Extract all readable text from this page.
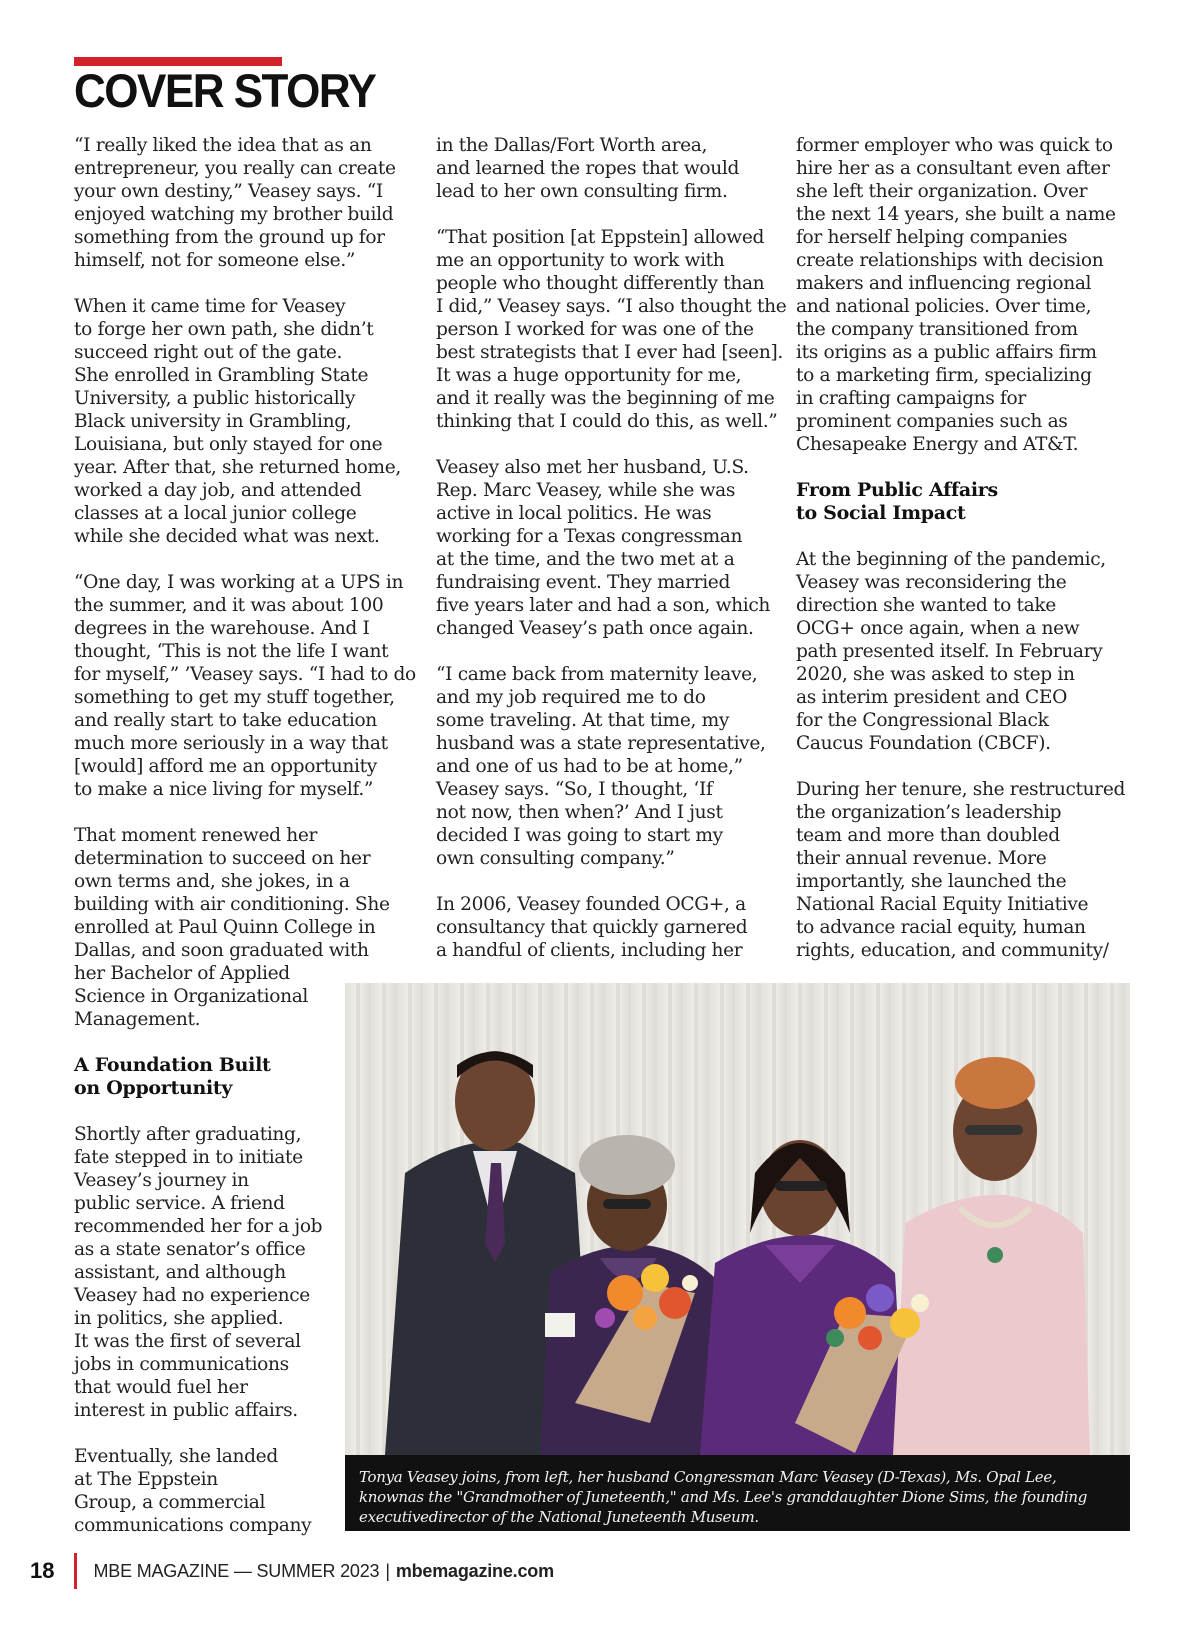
COVER STORY

“I really liked the idea that as an
entrepreneur, you really can create
your own destiny,” Veasey says. “I
enjoyed watching my brother build
something from the ground up for
himself, not for someone else.”

When it came time for Veasey
to forge her own path, she didn’t
succeed right out of the gate.
She enrolled in Grambling State
University, a public historically
Black university in Grambling,
Louisiana, but only stayed for one
year. After that, she returned home,
worked a day job, and attended
classes at a local junior college
while she decided what was next.

“One day, I was working at a UPS in
the summer, and it was about 100
degrees in the warehouse. And I
thought, ‘This is not the life I want
for myself,” ’Veasey says. “I had to do
something to get my stuff together,
and really start to take education
much more seriously in a way that
[would] afford me an opportunity
to make a nice living for myself.”

That moment renewed her
determination to succeed on her
own terms and, she jokes, in a
building with air conditioning. She
enrolled at Paul Quinn College in
Dallas, and soon graduated with
her Bachelor of Applied
Science in Organizational
Management.

A Foundation Built
on Opportunity

Shortly after graduating,
fate stepped in to initiate
Veasey’s journey in
public service. A friend
recommended her for a job
as a state senator’s office
assistant, and although
Veasey had no experience
in politics, she applied.
It was the first of several
jobs in communications
that would fuel her
interest in public affairs.

Eventually, she landed
at The Eppstein
Group, a commercial
communications company

in the Dallas/Fort Worth area,
and learned the ropes that would
lead to her own consulting firm.

“That position [at Eppstein] allowed
me an opportunity to work with
people who thought differently than
I did,” Veasey says. “I also thought the
person I worked for was one of the
best strategists that I ever had [seen].
It was a huge opportunity for me,
and it really was the beginning of me
thinking that I could do this, as well.”

Veasey also met her husband, U.S.
Rep. Marc Veasey, while she was
active in local politics. He was
working for a Texas congressman
at the time, and the two met at a
fundraising event. They married
five years later and had a son, which
changed Veasey’s path once again.

“I came back from maternity leave,
and my job required me to do
some traveling. At that time, my
husband was a state representative,
and one of us had to be at home,”
Veasey says. “So, I thought, ‘If
not now, then when?’ And I just
decided I was going to start my
own consulting company.”

In 2006, Veasey founded OCG+, a
consultancy that quickly garnered
a handful of clients, including her

former employer who was quick to
hire her as a consultant even after
she left their organization. Over
the next 14 years, she built a name
for herself helping companies
create relationships with decision
makers and influencing regional
and national policies. Over time,
the company transitioned from
its origins as a public affairs firm
to a marketing firm, specializing
in crafting campaigns for
prominent companies such as
Chesapeake Energy and AT&T.

From Public Affairs
to Social Impact

At the beginning of the pandemic,
Veasey was reconsidering the
direction she wanted to take
OCG+ once again, when a new
path presented itself. In February
2020, she was asked to step in
as interim president and CEO
for the Congressional Black
Caucus Foundation (CBCF).

During her tenure, she restructured
the organization’s leadership
team and more than doubled
their annual revenue. More
importantly, she launched the
National Racial Equity Initiative
to advance racial equity, human
rights, education, and community/

Tonya Veasey joins, from left, her husband Congressman Marc Veasey (D-Texas), Ms. Opal Lee, knownas the "Grandmother of Juneteenth," and Ms. Lee's granddaughter Dione Sims, the founding executivedirector of the National Juneteenth Museum.
18 MBE MAGAZINE — SUMMER 2023 | mbemagazine.com
